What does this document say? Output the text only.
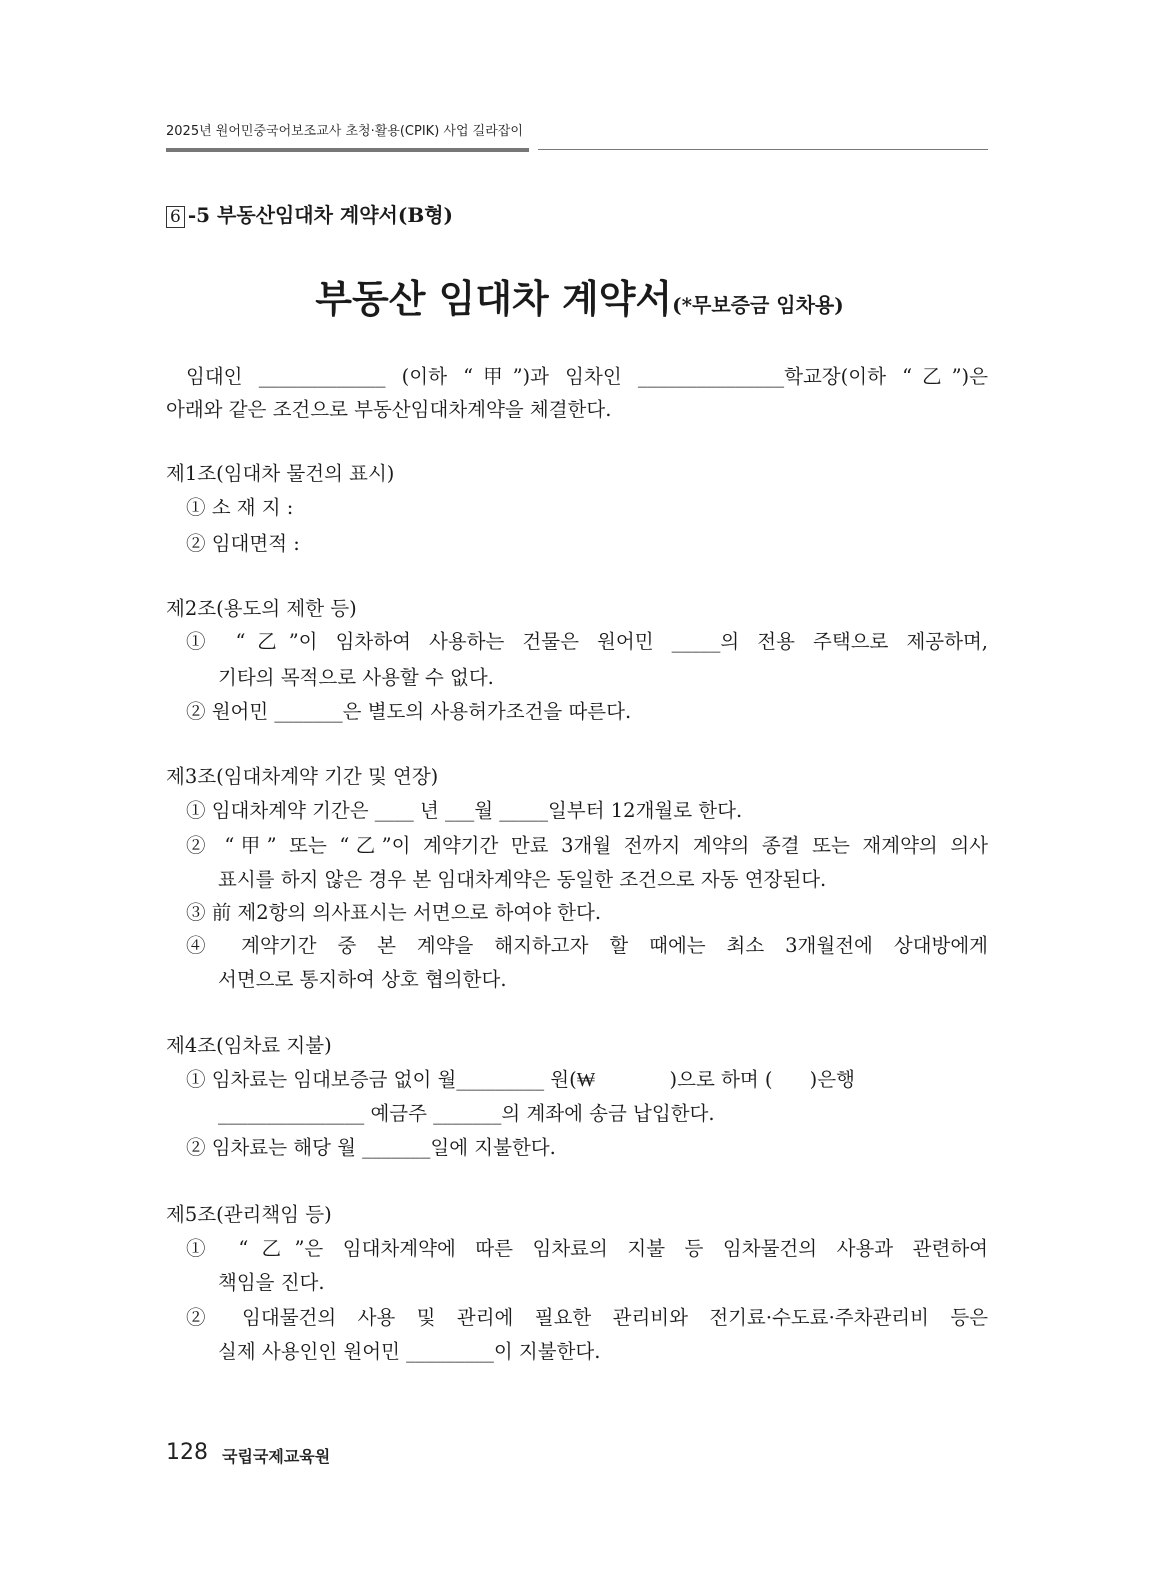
2025년 원어민중국어보조교사 초청·활용(CPIK) 사업 길라잡이
6 -5 부동산임대차 계약서(B형)
부동산 임대차 계약서(*무보증금 임차용)
임대인 _____________ (이하 “甲”)과 임차인 _______________학교장(이하 “乙”)은
아래와 같은 조건으로 부동산임대차계약을 체결한다.
제1조(임대차 물건의 표시)
① 소 재 지 :
② 임대면적 :
제2조(용도의 제한 등)
① “乙”이 임차하여 사용하는 건물은 원어민 _____의 전용 주택으로 제공하며,
기타의 목적으로 사용할 수 없다.
② 원어민 _______은 별도의 사용허가조건을 따른다.
제3조(임대차계약 기간 및 연장)
① 임대차계약 기간은 ____ 년 ___월 _____일부터 12개월로 한다.
② “甲” 또는 “乙”이 계약기간 만료 3개월 전까지 계약의 종결 또는 재계약의 의사
표시를 하지 않은 경우 본 임대차계약은 동일한 조건으로 자동 연장된다.
③ 前 제2항의 의사표시는 서면으로 하여야 한다.
④ 계약기간 중 본 계약을 해지하고자 할 때에는 최소 3개월전에 상대방에게
서면으로 통지하여 상호 협의한다.
제4조(임차료 지불)
① 임차료는 임대보증금 없이 월_________ 원(₩            )으로 하며 (      )은행
_______________ 예금주 _______의 계좌에 송금 납입한다.
② 임차료는 해당 월 _______일에 지불한다.
제5조(관리책임 등)
① “乙”은 임대차계약에 따른 임차료의 지불 등 임차물건의 사용과 관련하여
책임을 진다.
② 임대물건의 사용 및 관리에 필요한 관리비와 전기료·수도료·주차관리비 등은
실제 사용인인 원어민 _________이 지불한다.
128 국립국제교육원
